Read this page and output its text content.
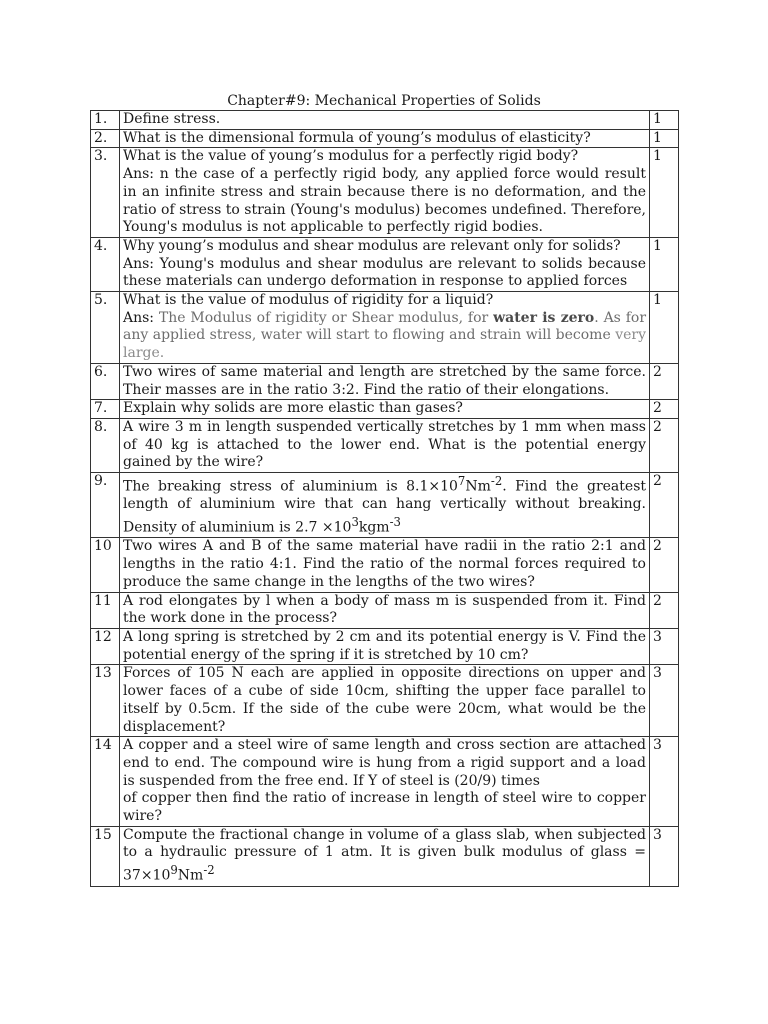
Chapter#9: Mechanical Properties of Solids
1.	Define stress.	1
2.	What is the dimensional formula of young’s modulus of elasticity?	1
3.	What is the value of young’s modulus for a perfectly rigid body?
Ans: n the case of a perfectly rigid body, any applied force would result in an infinite stress and strain because there is no deformation, and the ratio of stress to strain (Young's modulus) becomes undefined. Therefore, Young's modulus is not applicable to perfectly rigid bodies.	1
4.	Why young’s modulus and shear modulus are relevant only for solids?
Ans: Young's modulus and shear modulus are relevant to solids because these materials can undergo deformation in response to applied forces	1
5.	What is the value of modulus of rigidity for a liquid?
Ans: The Modulus of rigidity or Shear modulus, for water is zero. As for any applied stress, water will start to flowing and strain will become very large.	1
6.	Two wires of same material and length are stretched by the same force. Their masses are in the ratio 3:2. Find the ratio of their elongations.	2
7.	Explain why solids are more elastic than gases?	2
8.	A wire 3 m in length suspended vertically stretches by 1 mm when mass of 40 kg is attached to the lower end. What is the potential energy gained by the wire?	2
9.	The breaking stress of aluminium is $8.1\times 10^7Nm^{-2}$. Find the greatest length of aluminium wire that can hang vertically without breaking. Density of aluminium is $2.7 \times 10^3kgm^{-3}$	2
10	Two wires A and B of the same material have radii in the ratio 2:1 and lengths in the ratio 4:1. Find the ratio of the normal forces required to produce the same change in the lengths of the two wires?	2
11	A rod elongates by l when a body of mass m is suspended from it. Find the work done in the process?	2
12	A long spring is stretched by 2 cm and its potential energy is V. Find the potential energy of the spring if it is stretched by 10 cm?	3
13	Forces of 105 N each are applied in opposite directions on upper and lower faces of a cube of side 10cm, shifting the upper face parallel to itself by 0.5cm. If the side of the cube were 20cm, what would be the displacement?	3
14	A copper and a steel wire of same length and cross section are attached end to end. The compound wire is hung from a rigid support and a load is suspended from the free end. If Y of steel is (20/9) times
of copper then find the ratio of increase in length of steel wire to copper wire?	3
15	Compute the fractional change in volume of a glass slab, when subjected to a hydraulic pressure of 1 atm. It is given bulk modulus of glass = $37\times 10^9Nm^{-2}$	3
